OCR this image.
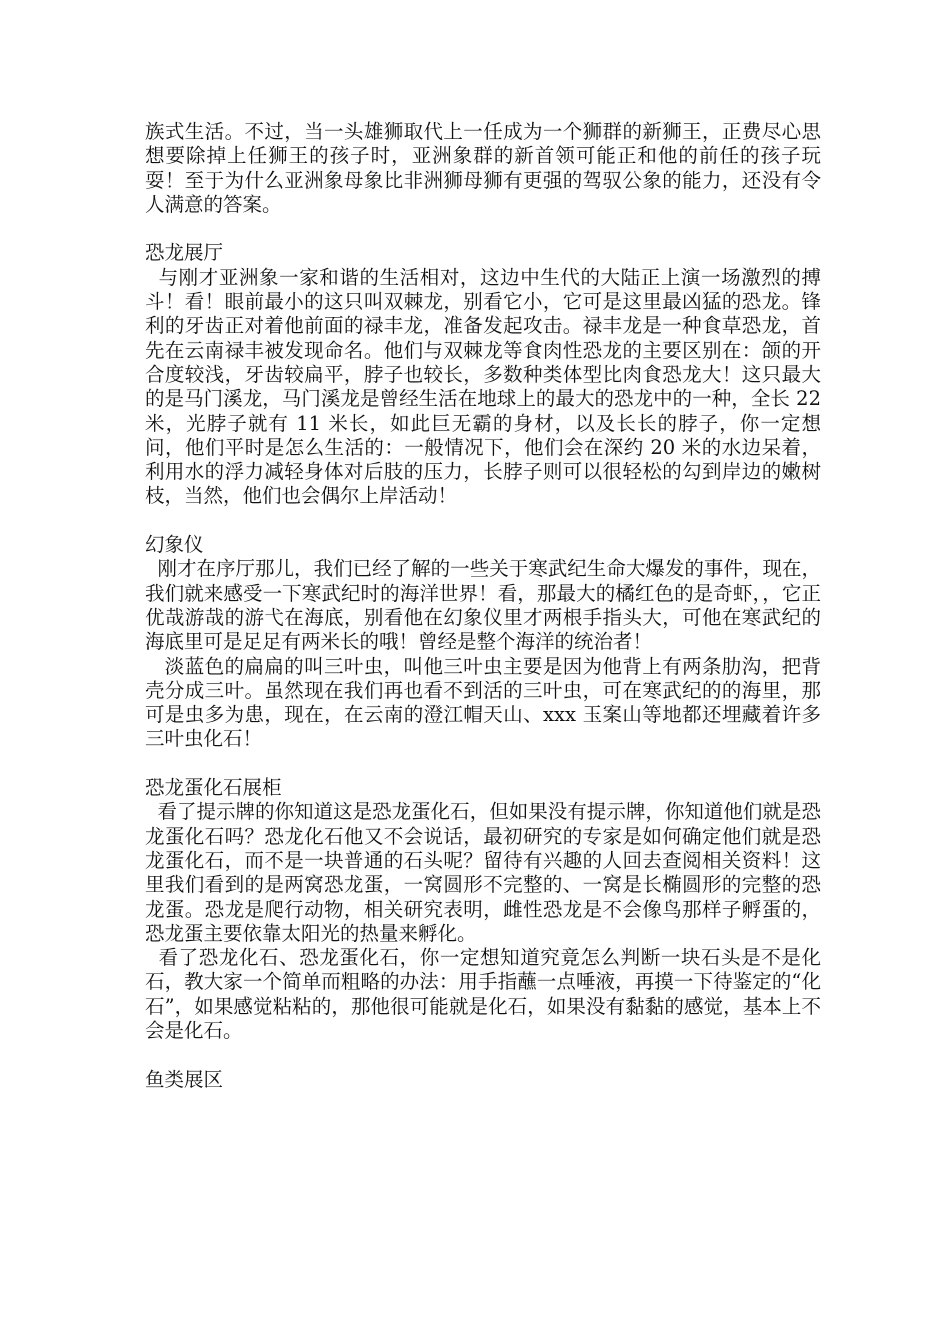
族式生活。不过，当一头雄狮取代上一任成为一个狮群的新狮王，正费尽心思想要除掉上任狮王的孩子时，亚洲象群的新首领可能正和他的前任的孩子玩耍！至于为什么亚洲象母象比非洲狮母狮有更强的驾驭公象的能力，还没有令人满意的答案。

恐龙展厅

与刚才亚洲象一家和谐的生活相对，这边中生代的大陆正上演一场激烈的搏斗！看！眼前最小的这只叫双棘龙，别看它小，它可是这里最凶猛的恐龙。锋利的牙齿正对着他前面的禄丰龙，准备发起攻击。禄丰龙是一种食草恐龙，首先在云南禄丰被发现命名。他们与双棘龙等食肉性恐龙的主要区别在：颌的开合度较浅，牙齿较扁平，脖子也较长，多数种类体型比肉食恐龙大！这只最大的是马门溪龙，马门溪龙是曾经生活在地球上的最大的恐龙中的一种，全长 22 米，光脖子就有 11 米长，如此巨无霸的身材，以及长长的脖子，你一定想问，他们平时是怎么生活的：一般情况下，他们会在深约 20 米的水边呆着，利用水的浮力减轻身体对后肢的压力，长脖子则可以很轻松的勾到岸边的嫩树枝，当然，他们也会偶尔上岸活动！

幻象仪

刚才在序厅那儿，我们已经了解的一些关于寒武纪生命大爆发的事件，现在，我们就来感受一下寒武纪时的海洋世界！看，那最大的橘红色的是奇虾，，它正优哉游哉的游弋在海底，别看他在幻象仪里才两根手指头大，可他在寒武纪的海底里可是足足有两米长的哦！曾经是整个海洋的统治者！

淡蓝色的扁扁的叫三叶虫，叫他三叶虫主要是因为他背上有两条肋沟，把背壳分成三叶。虽然现在我们再也看不到活的三叶虫，可在寒武纪的的海里，那可是虫多为患，现在，在云南的澄江帽天山、xxx 玉案山等地都还埋藏着许多三叶虫化石！

恐龙蛋化石展柜

看了提示牌的你知道这是恐龙蛋化石，但如果没有提示牌，你知道他们就是恐龙蛋化石吗？恐龙化石他又不会说话，最初研究的专家是如何确定他们就是恐龙蛋化石，而不是一块普通的石头呢？留待有兴趣的人回去查阅相关资料！这里我们看到的是两窝恐龙蛋，一窝圆形不完整的、一窝是长椭圆形的完整的恐龙蛋。恐龙是爬行动物，相关研究表明，雌性恐龙是不会像鸟那样子孵蛋的，恐龙蛋主要依靠太阳光的热量来孵化。

看了恐龙化石、恐龙蛋化石，你一定想知道究竟怎么判断一块石头是不是化石，教大家一个简单而粗略的办法：用手指蘸一点唾液，再摸一下待鉴定的“化石”，如果感觉粘粘的，那他很可能就是化石，如果没有黏黏的感觉，基本上不会是化石。

鱼类展区
